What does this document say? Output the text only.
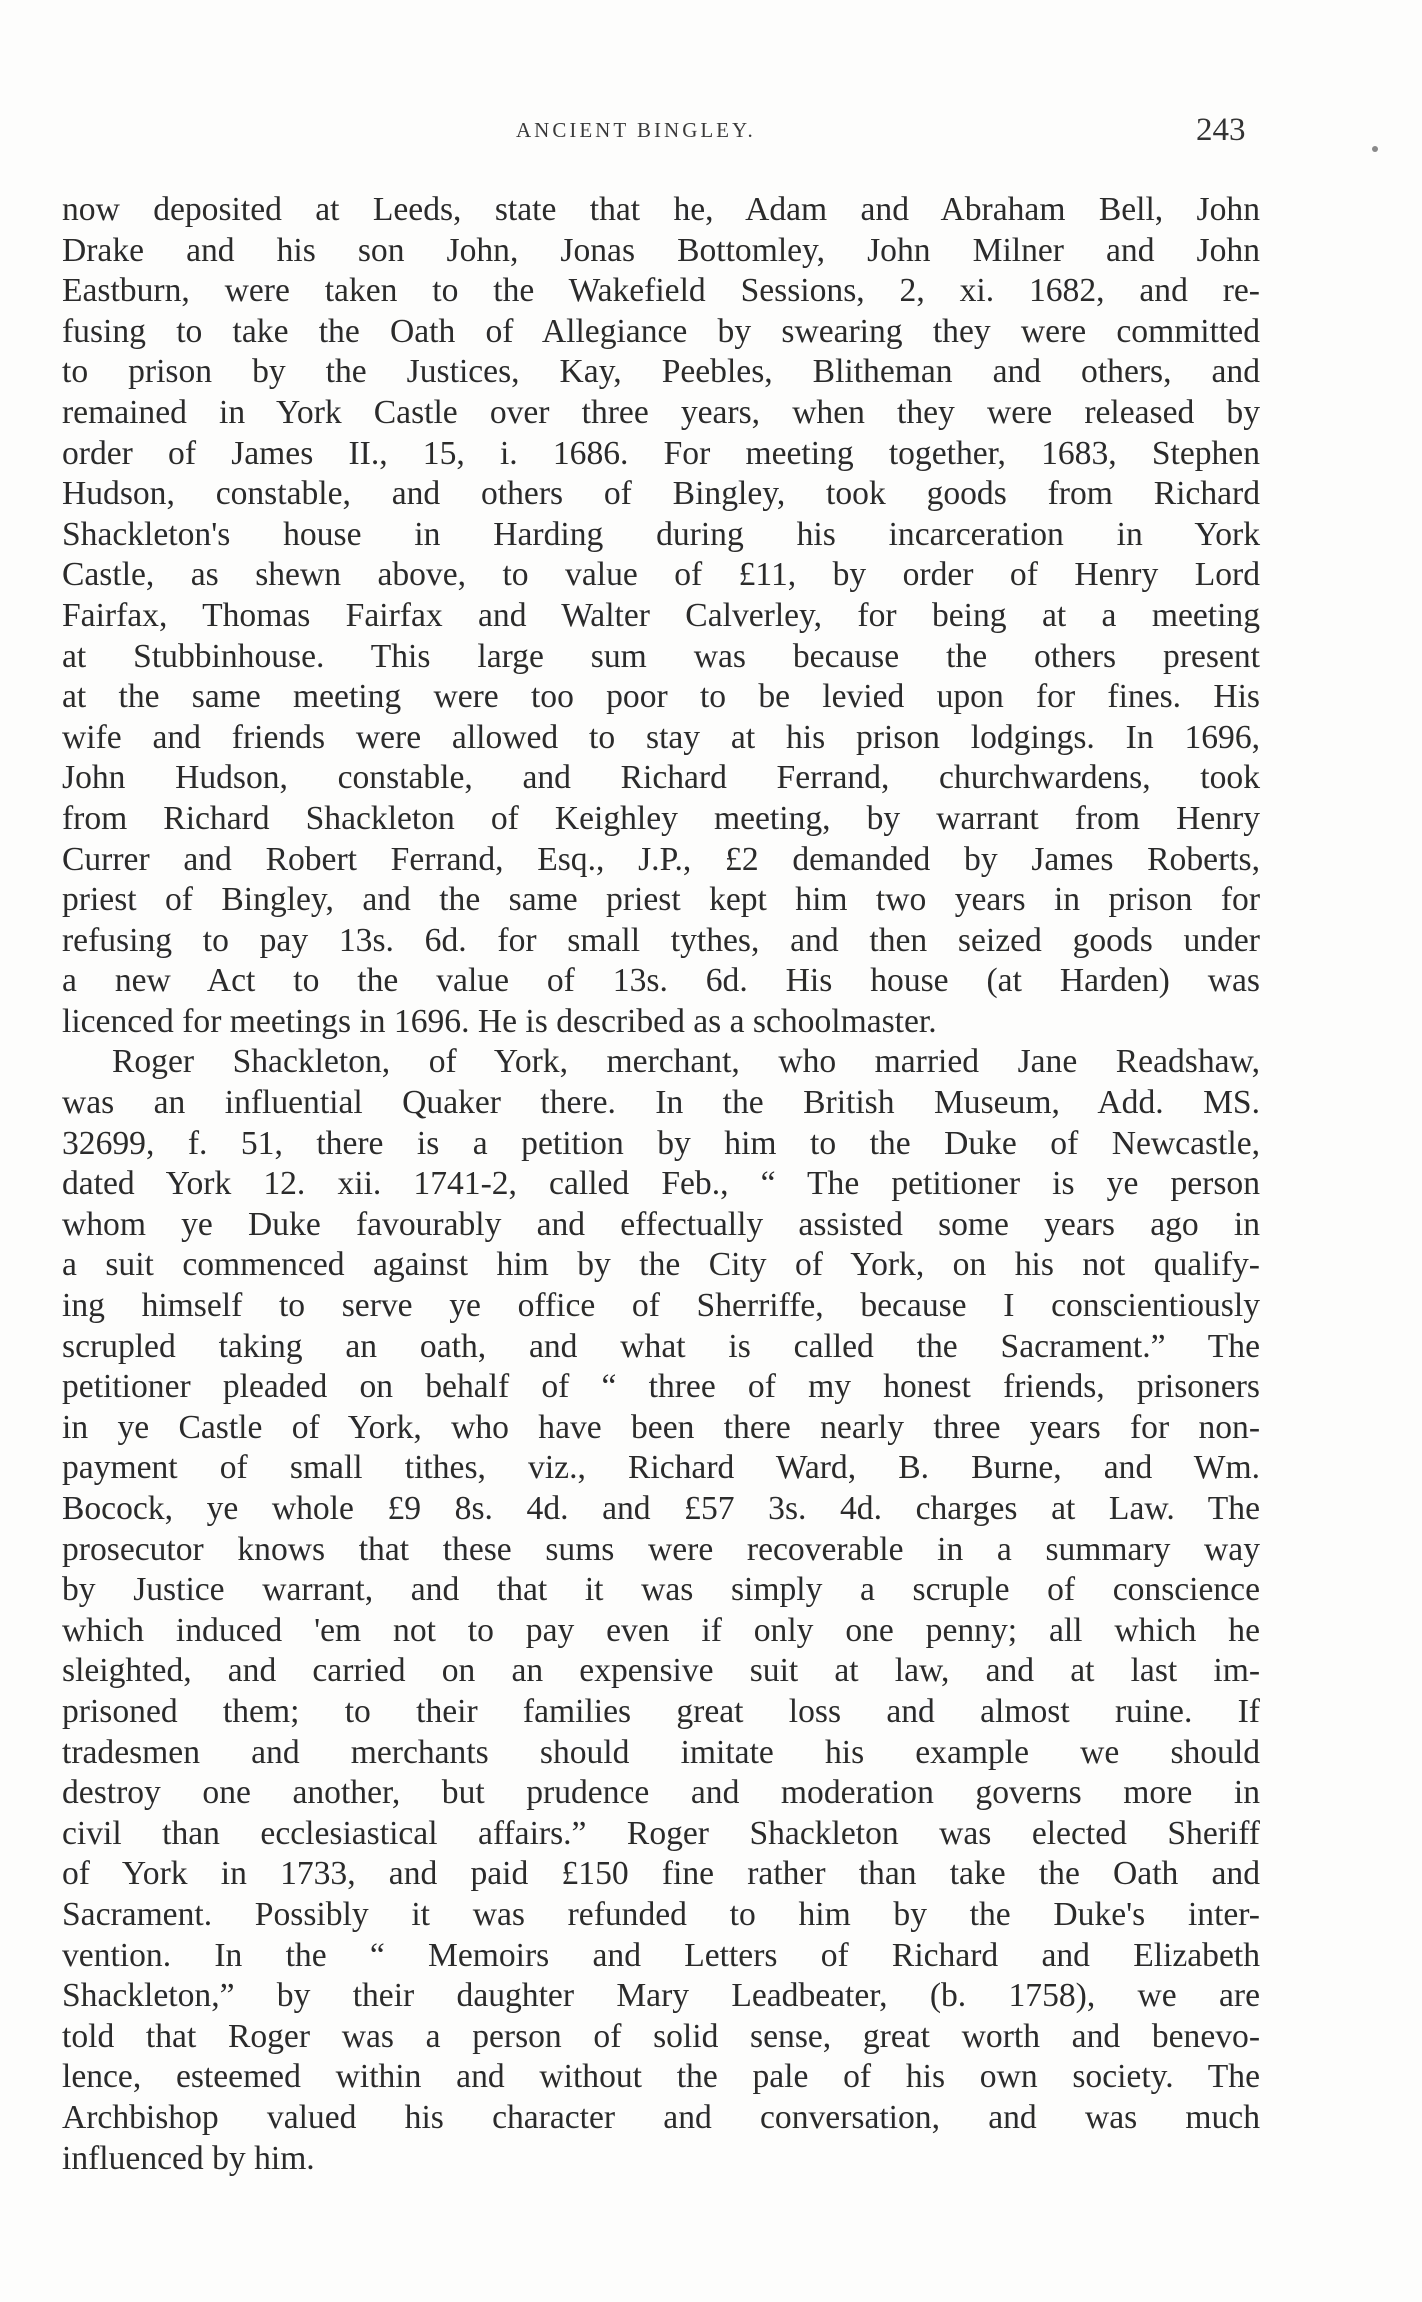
ANCIENT BINGLEY.	243
now deposited at Leeds, state that he, Adam and Abraham Bell, John
Drake and his son John, Jonas Bottomley, John Milner and John
Eastburn, were taken to the Wakefield Sessions, 2, xi. 1682, and re-
fusing to take the Oath of Allegiance by swearing they were committed
to prison by the Justices, Kay, Peebles, Blitheman and others, and
remained in York Castle over three years, when they were released by
order of James II., 15, i. 1686. For meeting together, 1683, Stephen
Hudson, constable, and others of Bingley, took goods from Richard
Shackleton's house in Harding during his incarceration in York
Castle, as shewn above, to value of £11, by order of Henry Lord
Fairfax, Thomas Fairfax and Walter Calverley, for being at a meeting
at Stubbinhouse. This large sum was because the others present
at the same meeting were too poor to be levied upon for fines. His
wife and friends were allowed to stay at his prison lodgings. In 1696,
John Hudson, constable, and Richard Ferrand, churchwardens, took
from Richard Shackleton of Keighley meeting, by warrant from Henry
Currer and Robert Ferrand, Esq., J.P., £2 demanded by James Roberts,
priest of Bingley, and the same priest kept him two years in prison for
refusing to pay 13s. 6d. for small tythes, and then seized goods under
a new Act to the value of 13s. 6d. His house (at Harden) was
licenced for meetings in 1696. He is described as a schoolmaster.
Roger Shackleton, of York, merchant, who married Jane Readshaw,
was an influential Quaker there. In the British Museum, Add. MS.
32699, f. 51, there is a petition by him to the Duke of Newcastle,
dated York 12. xii. 1741-2, called Feb., “ The petitioner is ye person
whom ye Duke favourably and effectually assisted some years ago in
a suit commenced against him by the City of York, on his not qualify-
ing himself to serve ye office of Sherriffe, because I conscientiously
scrupled taking an oath, and what is called the Sacrament.” The
petitioner pleaded on behalf of “ three of my honest friends, prisoners
in ye Castle of York, who have been there nearly three years for non-
payment of small tithes, viz., Richard Ward, B. Burne, and Wm.
Bocock, ye whole £9 8s. 4d. and £57 3s. 4d. charges at Law. The
prosecutor knows that these sums were recoverable in a summary way
by Justice warrant, and that it was simply a scruple of conscience
which induced 'em not to pay even if only one penny; all which he
sleighted, and carried on an expensive suit at law, and at last im-
prisoned them; to their families great loss and almost ruine. If
tradesmen and merchants should imitate his example we should
destroy one another, but prudence and moderation governs more in
civil than ecclesiastical affairs.” Roger Shackleton was elected Sheriff
of York in 1733, and paid £150 fine rather than take the Oath and
Sacrament. Possibly it was refunded to him by the Duke's inter-
vention. In the “ Memoirs and Letters of Richard and Elizabeth
Shackleton,” by their daughter Mary Leadbeater, (b. 1758), we are
told that Roger was a person of solid sense, great worth and benevo-
lence, esteemed within and without the pale of his own society. The
Archbishop valued his character and conversation, and was much
influenced by him.
